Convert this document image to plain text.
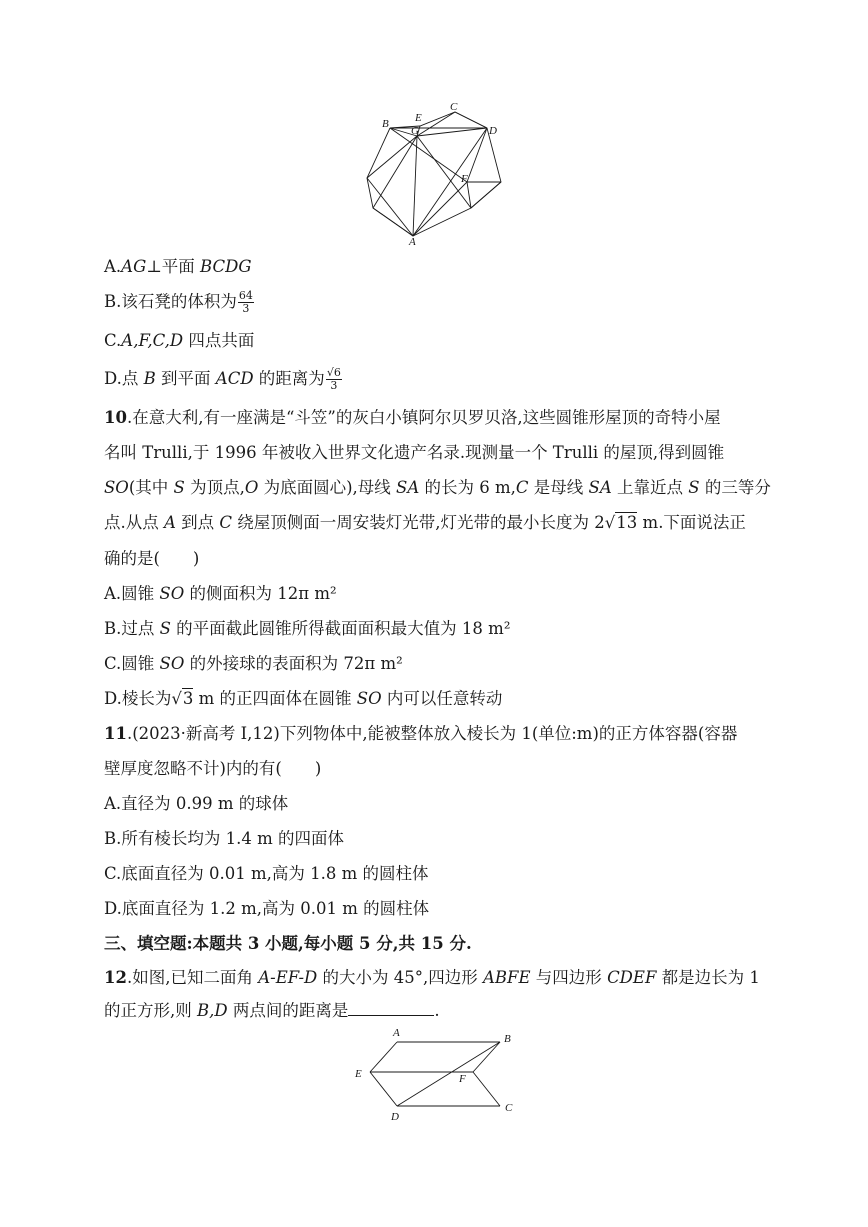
B E
C
G	D
F
A
A.AG⊥平面 BCDG
B.该石凳的体积为 $\frac{64}{3}$
C.A,F,C,D 四点共面
D.点 B 到平面 ACD 的距离为 $\frac{√6}{3}$
10.在意大利,有一座满是“斗笠”的灰白小镇阿尔贝罗贝洛,这些圆锥形屋顶的奇特小屋
名叫 Trulli,于 1996 年被收入世界文化遗产名录.现测量一个 Trulli 的屋顶,得到圆锥
SO(其中 S 为顶点,O 为底面圆心),母线 SA 的长为 6 m,C 是母线 SA 上靠近点 S 的三等分
点.从点 A 到点 C 绕屋顶侧面一周安装灯光带,灯光带的最小长度为 2√13 m.下面说法正
确的是(　　)
A.圆锥 SO 的侧面积为 12π m²
B.过点 S 的平面截此圆锥所得截面面积最大值为 18 m²
C.圆锥 SO 的外接球的表面积为 72π m²
D.棱长为√3 m 的正四面体在圆锥 SO 内可以任意转动
11.(2023·新高考 Ⅰ,12)下列物体中,能被整体放入棱长为 1(单位:m)的正方体容器(容器
壁厚度忽略不计)内的有(　　)
A.直径为 0.99 m 的球体
B.所有棱长均为 1.4 m 的四面体
C.底面直径为 0.01 m,高为 1.8 m 的圆柱体
D.底面直径为 1.2 m,高为 0.01 m 的圆柱体
三、填空题:本题共 3 小题,每小题 5 分,共 15 分.
12.如图,已知二面角 A-EF-D 的大小为 45°,四边形 ABFE 与四边形 CDEF 都是边长为 1
的正方形,则 B,D 两点间的距离是	.
A	B
E	F
D
C
